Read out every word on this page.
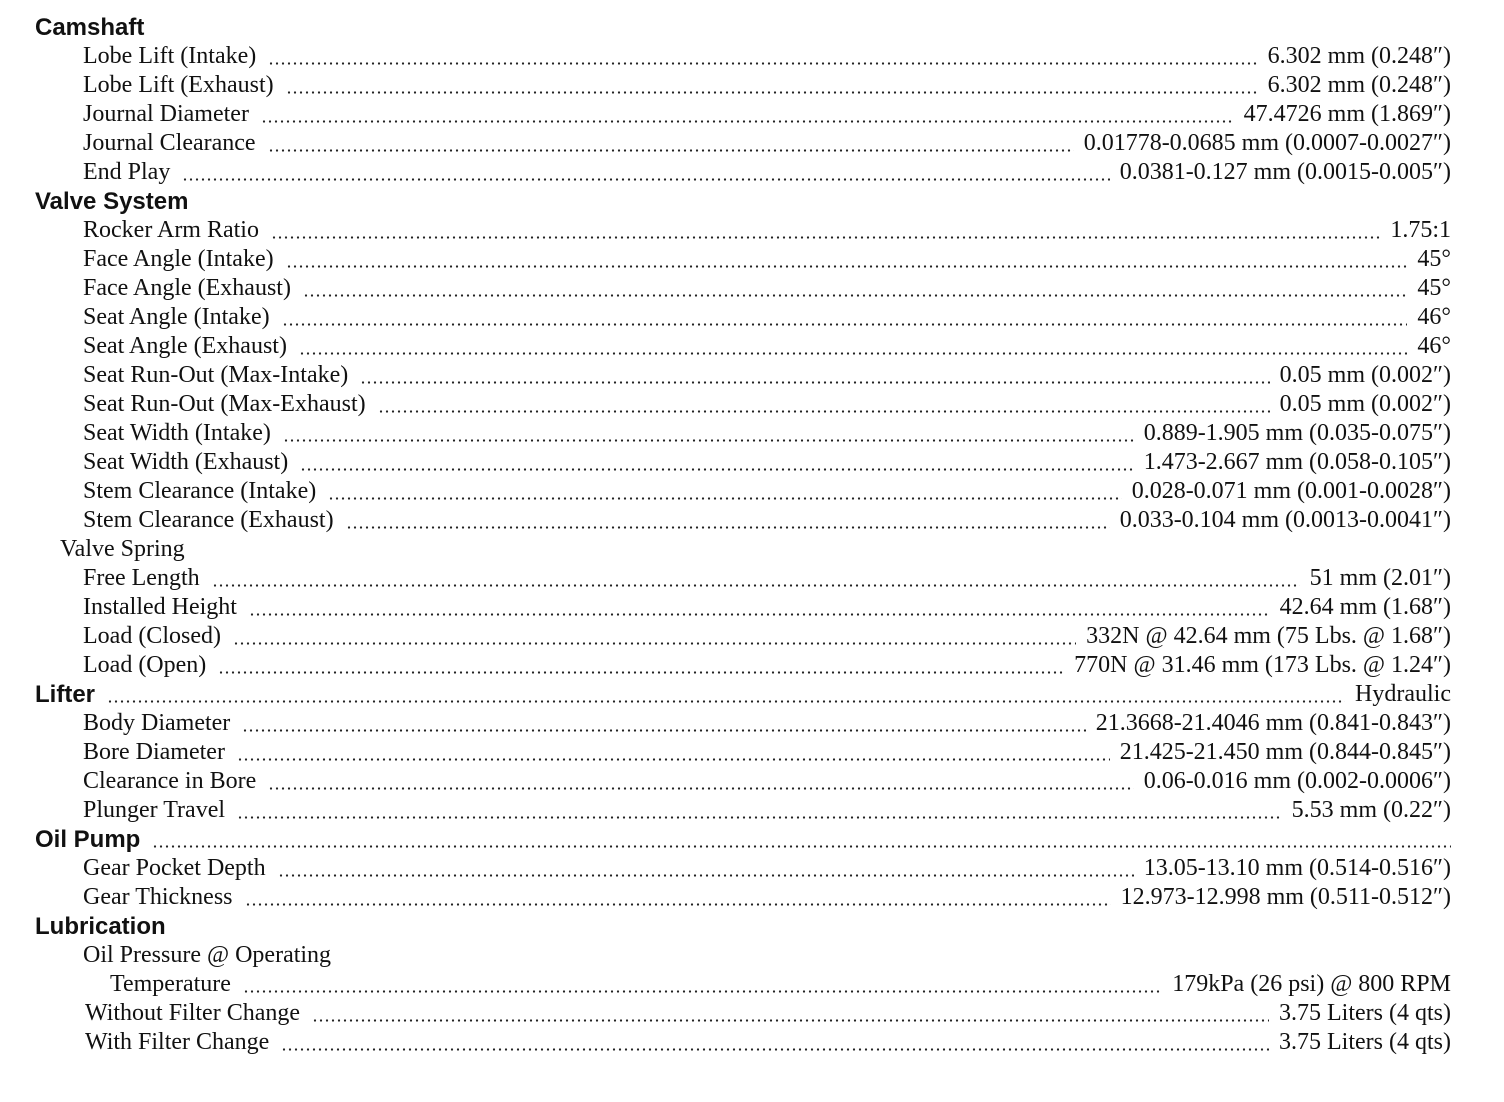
Camshaft
Lobe Lift (Intake)	6.302 mm (0.248″)
Lobe Lift (Exhaust)	6.302 mm (0.248″)
Journal Diameter	47.4726 mm (1.869″)
Journal Clearance	0.01778-0.0685 mm (0.0007-0.0027″)
End Play	0.0381-0.127 mm (0.0015-0.005″)
Valve System
Rocker Arm Ratio	1.75:1
Face Angle (Intake)	45°
Face Angle (Exhaust)	45°
Seat Angle (Intake)	46°
Seat Angle (Exhaust)	46°
Seat Run-Out (Max-Intake)	0.05 mm (0.002″)
Seat Run-Out (Max-Exhaust)	0.05 mm (0.002″)
Seat Width (Intake)	0.889-1.905 mm (0.035-0.075″)
Seat Width (Exhaust)	1.473-2.667 mm (0.058-0.105″)
Stem Clearance (Intake)	0.028-0.071 mm (0.001-0.0028″)
Stem Clearance (Exhaust)	0.033-0.104 mm (0.0013-0.0041″)
Valve Spring
Free Length	51 mm (2.01″)
Installed Height	42.64 mm (1.68″)
Load (Closed)	332N @ 42.64 mm (75 Lbs. @ 1.68″)
Load (Open)	770N @ 31.46 mm (173 Lbs. @ 1.24″)
Lifter	Hydraulic
Body Diameter	21.3668-21.4046 mm (0.841-0.843″)
Bore Diameter	21.425-21.450 mm (0.844-0.845″)
Clearance in Bore	0.06-0.016 mm (0.002-0.0006″)
Plunger Travel	5.53 mm (0.22″)
Oil Pump
Gear Pocket Depth	13.05-13.10 mm (0.514-0.516″)
Gear Thickness	12.973-12.998 mm (0.511-0.512″)
Lubrication
Oil Pressure @ Operating
Temperature	179kPa (26 psi) @ 800 RPM
Without Filter Change	3.75 Liters (4 qts)
With Filter Change	3.75 Liters (4 qts)
